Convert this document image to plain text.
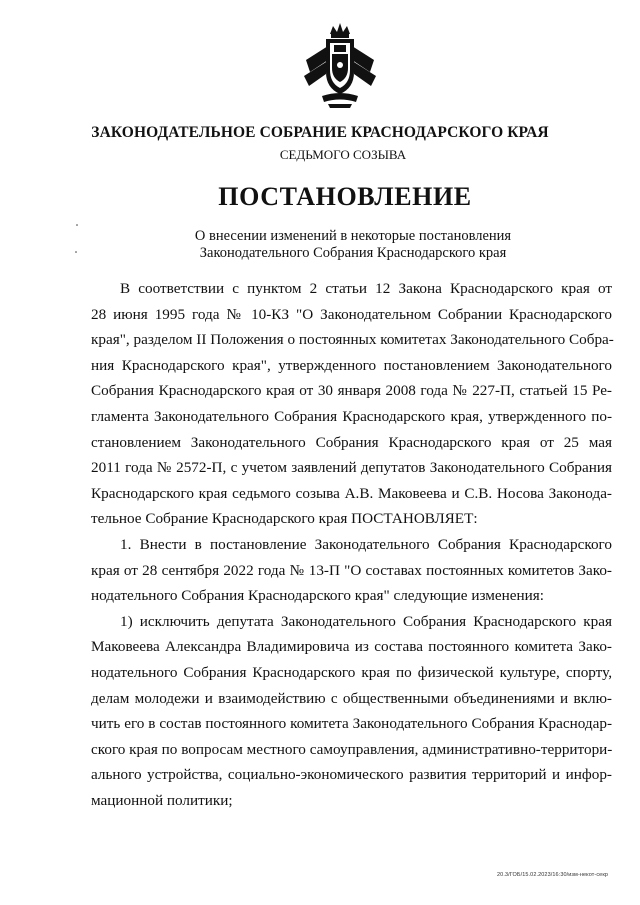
ЗАКОНОДАТЕЛЬНОЕ СОБРАНИЕ КРАСНОДАРСКОГО КРАЯ
СЕДЬМОГО СОЗЫВА
ПОСТАНОВЛЕНИЕ
О внесении изменений в некоторые постановления
Законодательного Собрания Краснодарского края
В соответствии с пунктом 2 статьи 12 Закона Краснодарского края от
28 июня 1995 года № 10-КЗ "О Законодательном Собрании Краснодарского
края", разделом II Положения о постоянных комитетах Законодательного Собра-
ния Краснодарского края", утвержденного постановлением Законодательного
Собрания Краснодарского края от 30 января 2008 года № 227-П, статьей 15 Ре-
гламента Законодательного Собрания Краснодарского края, утвержденного по-
становлением Законодательного Собрания Краснодарского края от 25 мая
2011 года № 2572-П, с учетом заявлений депутатов Законодательного Собрания
Краснодарского края седьмого созыва А.В. Маковеева и С.В. Носова Законода-
тельное Собрание Краснодарского края ПОСТАНОВЛЯЕТ:
1. Внести в постановление Законодательного Собрания Краснодарского
края от 28 сентября 2022 года № 13-П "О составах постоянных комитетов Зако-
нодательного Собрания Краснодарского края" следующие изменения:
1) исключить депутата Законодательного Собрания Краснодарского края
Маковеева Александра Владимировича из состава постоянного комитета Зако-
нодательного Собрания Краснодарского края по физической культуре, спорту,
делам молодежи и взаимодействию с общественными объединениями и вклю-
чить его в состав постоянного комитета Законодательного Собрания Краснодар-
ского края по вопросам местного самоуправления, административно-территори-
ального устройства, социально-экономического развития территорий и инфор-
мационной политики;
20.3/ГОБ/15.02.2023/16:30/изм-некот-секр
